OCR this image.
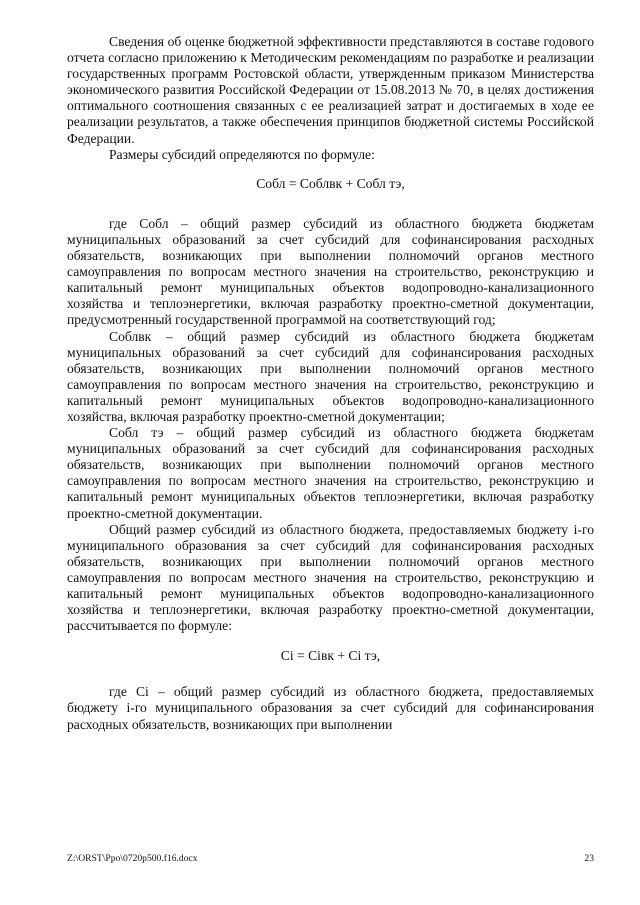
Сведения об оценке бюджетной эффективности представляются в составе годового отчета согласно приложению к Методическим рекомендациям по разработке и реализации государственных программ Ростовской области, утвержденным приказом Министерства экономического развития Российской Федерации от 15.08.2013 № 70, в целях достижения оптимального соотношения связанных с ее реализацией затрат и достигаемых в ходе ее реализации результатов, а также обеспечения принципов бюджетной системы Российской Федерации.

Размеры субсидий определяются по формуле:

Собл = Соблвк + Собл тэ,

где Собл – общий размер субсидий из областного бюджета бюджетам муниципальных образований за счет субсидий для софинансирования расходных обязательств, возникающих при выполнении полномочий органов местного самоуправления по вопросам местного значения на строительство, реконструкцию и капитальный ремонт муниципальных объектов водопроводно-канализационного хозяйства и теплоэнергетики, включая разработку проектно-сметной документации, предусмотренный государственной программой на соответствующий год;

Соблвк – общий размер субсидий из областного бюджета бюджетам муниципальных образований за счет субсидий для софинансирования расходных обязательств, возникающих при выполнении полномочий органов местного самоуправления по вопросам местного значения на строительство, реконструкцию и капитальный ремонт муниципальных объектов водопроводно-канализационного хозяйства, включая разработку проектно-сметной документации;

Собл тэ – общий размер субсидий из областного бюджета бюджетам муниципальных образований за счет субсидий для софинансирования расходных обязательств, возникающих при выполнении полномочий органов местного самоуправления по вопросам местного значения на строительство, реконструкцию и капитальный ремонт муниципальных объектов теплоэнергетики, включая разработку проектно-сметной документации.

Общий размер субсидий из областного бюджета, предоставляемых бюджету i-го муниципального образования за счет субсидий для софинансирования расходных обязательств, возникающих при выполнении полномочий органов местного самоуправления по вопросам местного значения на строительство, реконструкцию и капитальный ремонт муниципальных объектов водопроводно-канализационного хозяйства и теплоэнергетики, включая разработку проектно-сметной документации, рассчитывается по формуле:

Ci = Ciвк + Ci тэ,

где Ci – общий размер субсидий из областного бюджета, предоставляемых бюджету i-го муниципального образования за счет субсидий для софинансирования расходных обязательств, возникающих при выполнении

Z:\ORST\Ppo\0720p500.f16.docx	23
